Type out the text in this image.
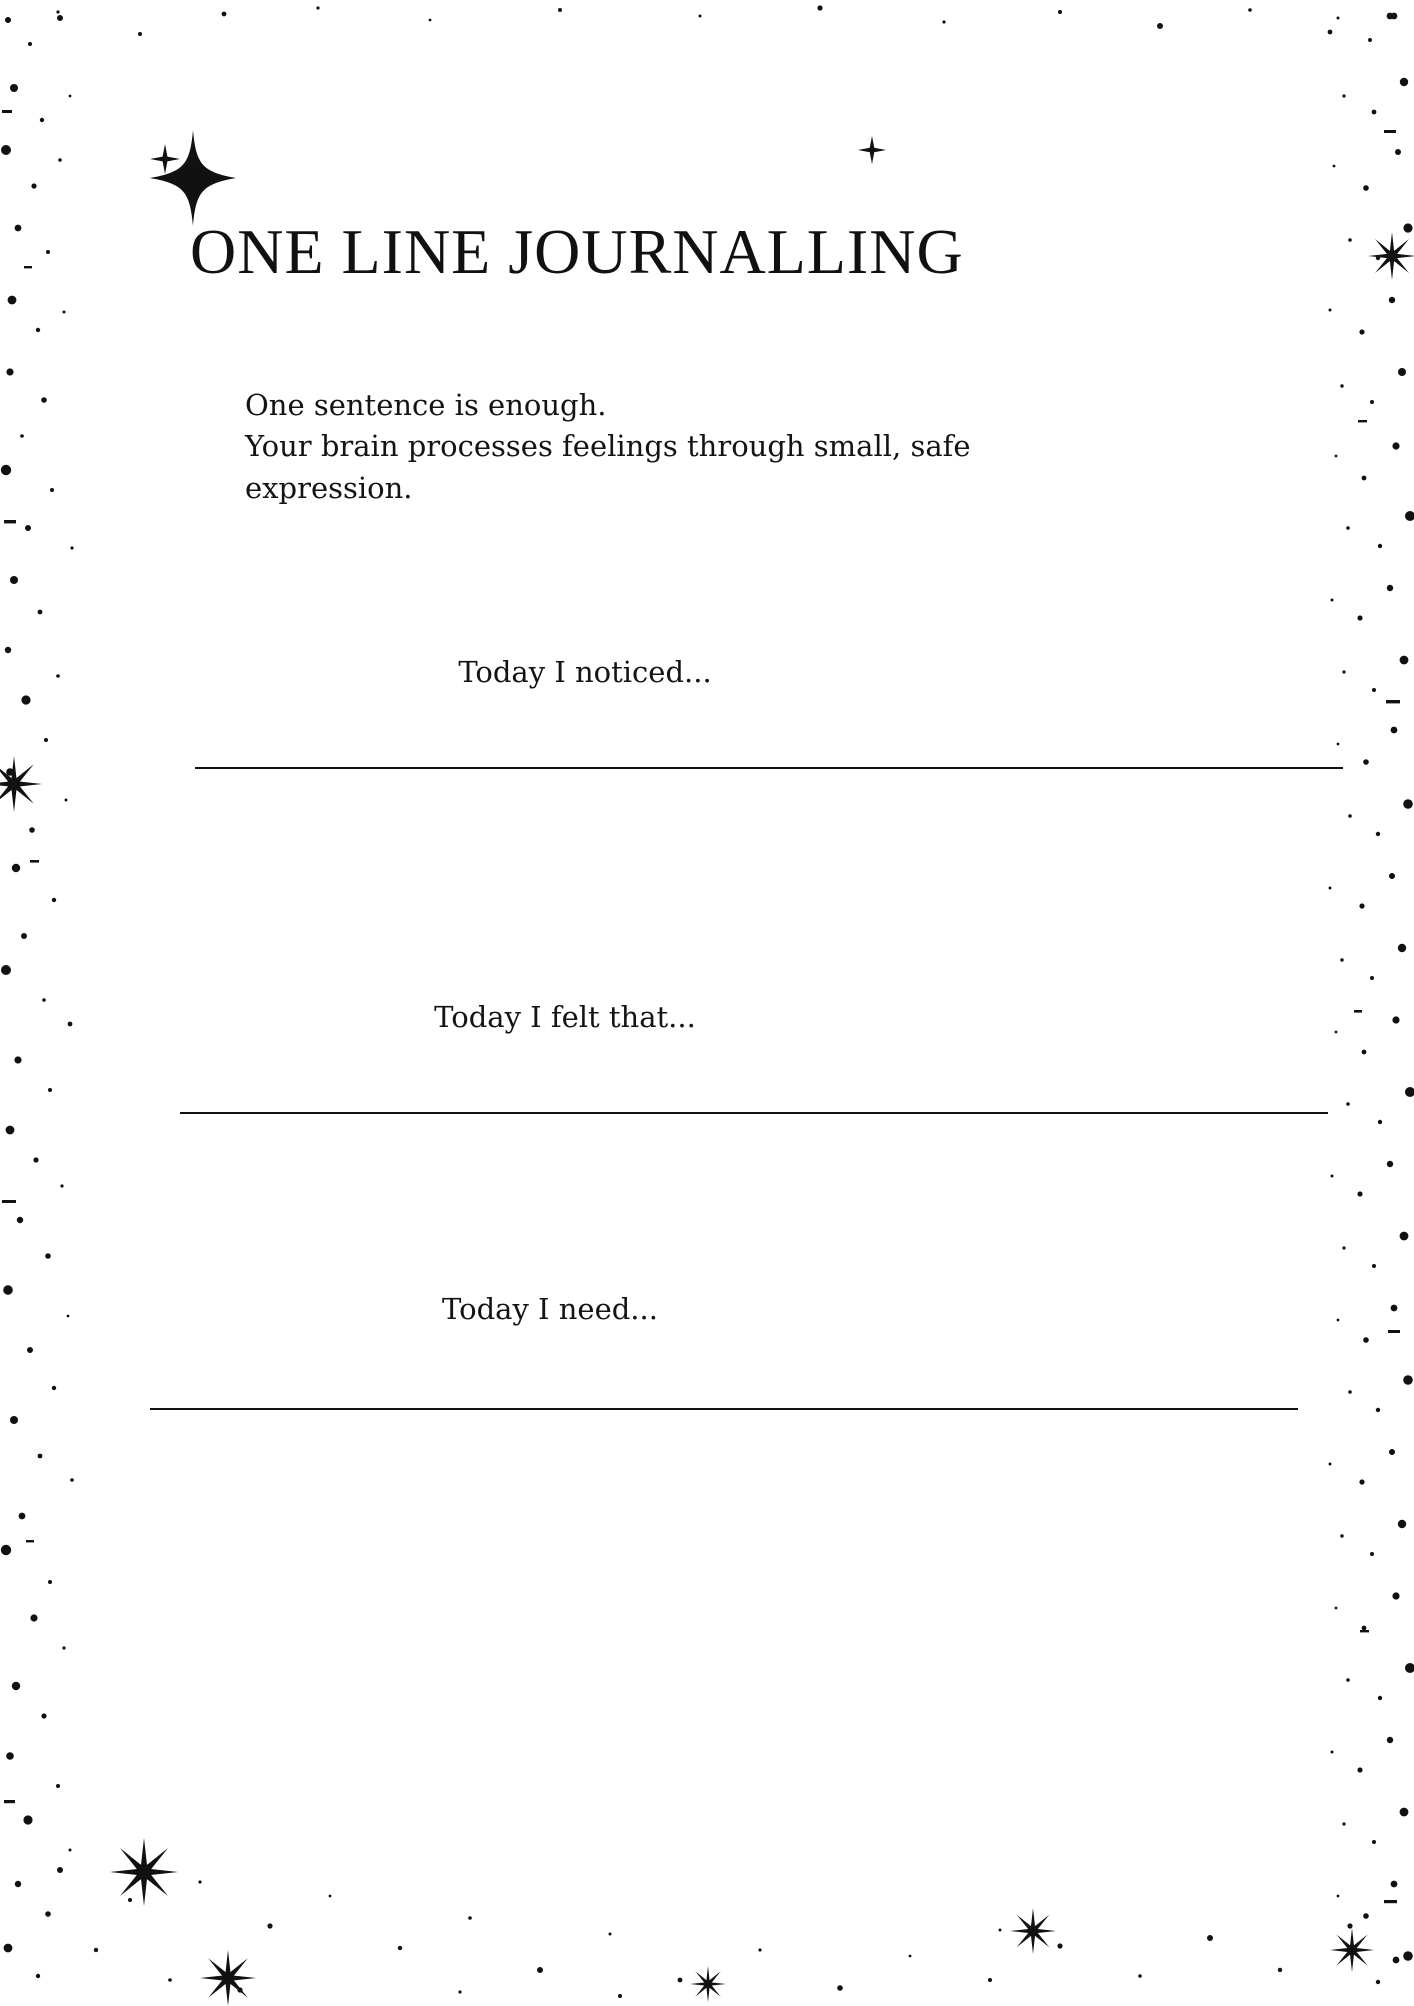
ONE LINE JOURNALLING
One sentence is enough.
Your brain processes feelings through small, safe
expression.
Today I noticed...
Today I felt that...
Today I need...
